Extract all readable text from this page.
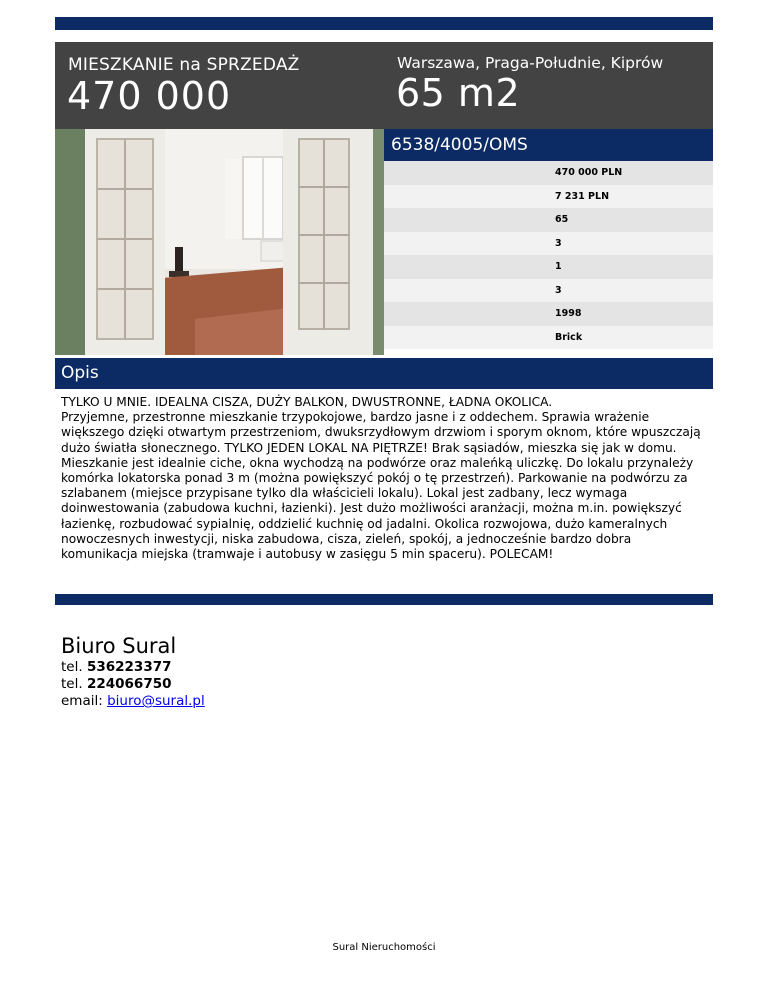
MIESZKANIE na SPRZEDAŻ
470 000
Warszawa, Praga-Południe, Kiprów
65 m2
6538/4005/OMS
470 000 PLN
7 231 PLN
65
3
1
3
1998
Brick
Opis
TYLKO U MNIE. IDEALNA CISZA, DUŻY BALKON, DWUSTRONNE, ŁADNA OKOLICA.
Przyjemne, przestronne mieszkanie trzypokojowe, bardzo jasne i z oddechem. Sprawia wrażenie większego dzięki otwartym przestrzeniom, dwuksrzydłowym drzwiom i sporym oknom, które wpuszczają dużo światła słonecznego. TYLKO JEDEN LOKAL NA PIĘTRZE! Brak sąsiadów, mieszka się jak w domu. Mieszkanie jest idealnie ciche, okna wychodzą na podwórze oraz maleńką uliczkę. Do lokalu przynależy komórka lokatorska ponad 3 m (można powiększyć pokój o tę przestrzeń). Parkowanie na podwórzu za szlabanem (miejsce przypisane tylko dla właścicieli lokalu). Lokal jest zadbany, lecz wymaga doinwestowania (zabudowa kuchni, łazienki). Jest dużo możliwości aranżacji, można m.in. powiększyć łazienkę, rozbudować sypialnię, oddzielić kuchnię od jadalni. Okolica rozwojowa, dużo kameralnych nowoczesnych inwestycji, niska zabudowa, cisza, zieleń, spokój, a jednocześnie bardzo dobra komunikacja miejska (tramwaje i autobusy w zasięgu 5 min spaceru). POLECAM!
Biuro Sural
tel. 536223377
tel. 224066750
email: biuro@sural.pl
Sural Nieruchomości
